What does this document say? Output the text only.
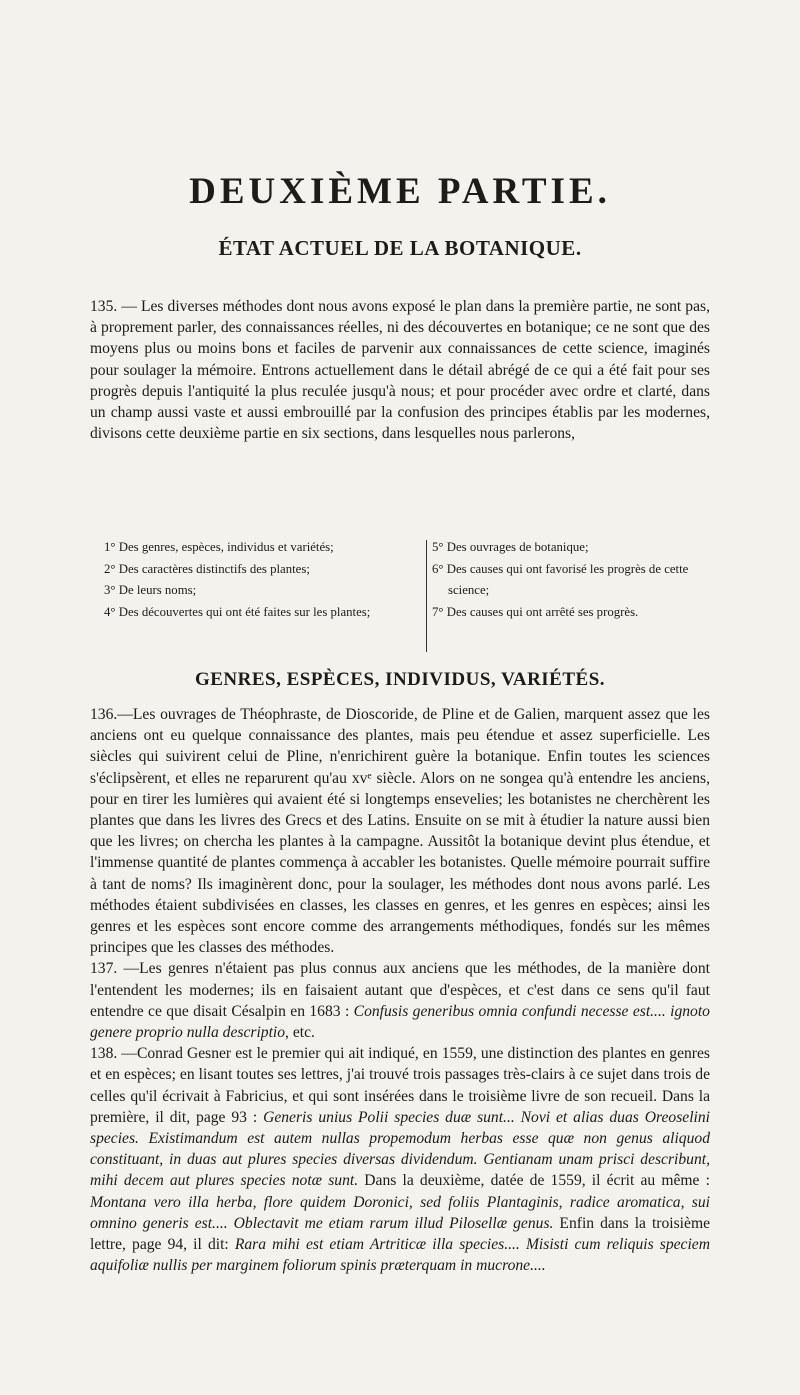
DEUXIÈME PARTIE.
ÉTAT ACTUEL DE LA BOTANIQUE.

135. — Les diverses méthodes dont nous avons exposé le plan dans la première partie, ne sont pas, à proprement parler, des connaissances réelles, ni des découvertes en botanique; ce ne sont que des moyens plus ou moins bons et faciles de parvenir aux connaissances de cette science, imaginés pour soulager la mémoire. Entrons actuellement dans le détail abrégé de ce qui a été fait pour ses progrès depuis l'antiquité la plus reculée jusqu'à nous; et pour procéder avec ordre et clarté, dans un champ aussi vaste et aussi embrouillé par la confusion des principes établis par les modernes, divisons cette deuxième partie en six sections, dans lesquelles nous parlerons,

1° Des genres, espèces, individus et variétés;
2° Des caractères distinctifs des plantes;
3° De leurs noms;
4° Des découvertes qui ont été faites sur les plantes;
5° Des ouvrages de botanique;
6° Des causes qui ont favorisé les progrès de cette science;
7° Des causes qui ont arrêté ses progrès.
GENRES, ESPÈCES, INDIVIDUS, VARIÉTÉS.

136.—Les ouvrages de Théophraste, de Dioscoride, de Pline et de Galien, marquent assez que les anciens ont eu quelque connaissance des plantes, mais peu étendue et assez superficielle. Les siècles qui suivirent celui de Pline, n'enrichirent guère la botanique. Enfin toutes les sciences s'éclipsèrent, et elles ne reparurent qu'au xvᵉ siècle. Alors on ne songea qu'à entendre les anciens, pour en tirer les lumières qui avaient été si longtemps ensevelies; les botanistes ne cherchèrent les plantes que dans les livres des Grecs et des Latins. Ensuite on se mit à étudier la nature aussi bien que les livres; on chercha les plantes à la campagne. Aussitôt la botanique devint plus étendue, et l'immense quantité de plantes commença à accabler les botanistes. Quelle mémoire pourrait suffire à tant de noms? Ils imaginèrent donc, pour la soulager, les méthodes dont nous avons parlé. Les méthodes étaient subdivisées en classes, les classes en genres, et les genres en espèces; ainsi les genres et les espèces sont encore comme des arrangements méthodiques, fondés sur les mêmes principes que les classes des méthodes.

137. —Les genres n'étaient pas plus connus aux anciens que les méthodes, de la manière dont l'entendent les modernes; ils en faisaient autant que d'espèces, et c'est dans ce sens qu'il faut entendre ce que disait Césalpin en 1683 : Confusis generibus omnia confundi necesse est.... ignoto genere proprio nulla descriptio, etc.

138. —Conrad Gesner est le premier qui ait indiqué, en 1559, une distinction des plantes en genres et en espèces; en lisant toutes ses lettres, j'ai trouvé trois passages très-clairs à ce sujet dans trois de celles qu'il écrivait à Fabricius, et qui sont insérées dans le troisième livre de son recueil. Dans la première, il dit, page 93 : Generis unius Polii species duæ sunt... Novi et alias duas Oreoselini species. Existimandum est autem nullas propemodum herbas esse quæ non genus aliquod constituant, in duas aut plures species diversas dividendum. Gentianam unam prisci describunt, mihi decem aut plures species notæ sunt. Dans la deuxième, datée de 1559, il écrit au même : Montana vero illa herba, flore quidem Doronici, sed foliis Plantaginis, radice aromatica, sui omnino generis est.... Oblectavit me etiam rarum illud Pilosellæ genus. Enfin dans la troisième lettre, page 94, il dit: Rara mihi est etiam Artriticæ illa species.... Misisti cum reliquis speciem aquifoliæ nullis per marginem foliorum spinis præterquam in mucrone....
